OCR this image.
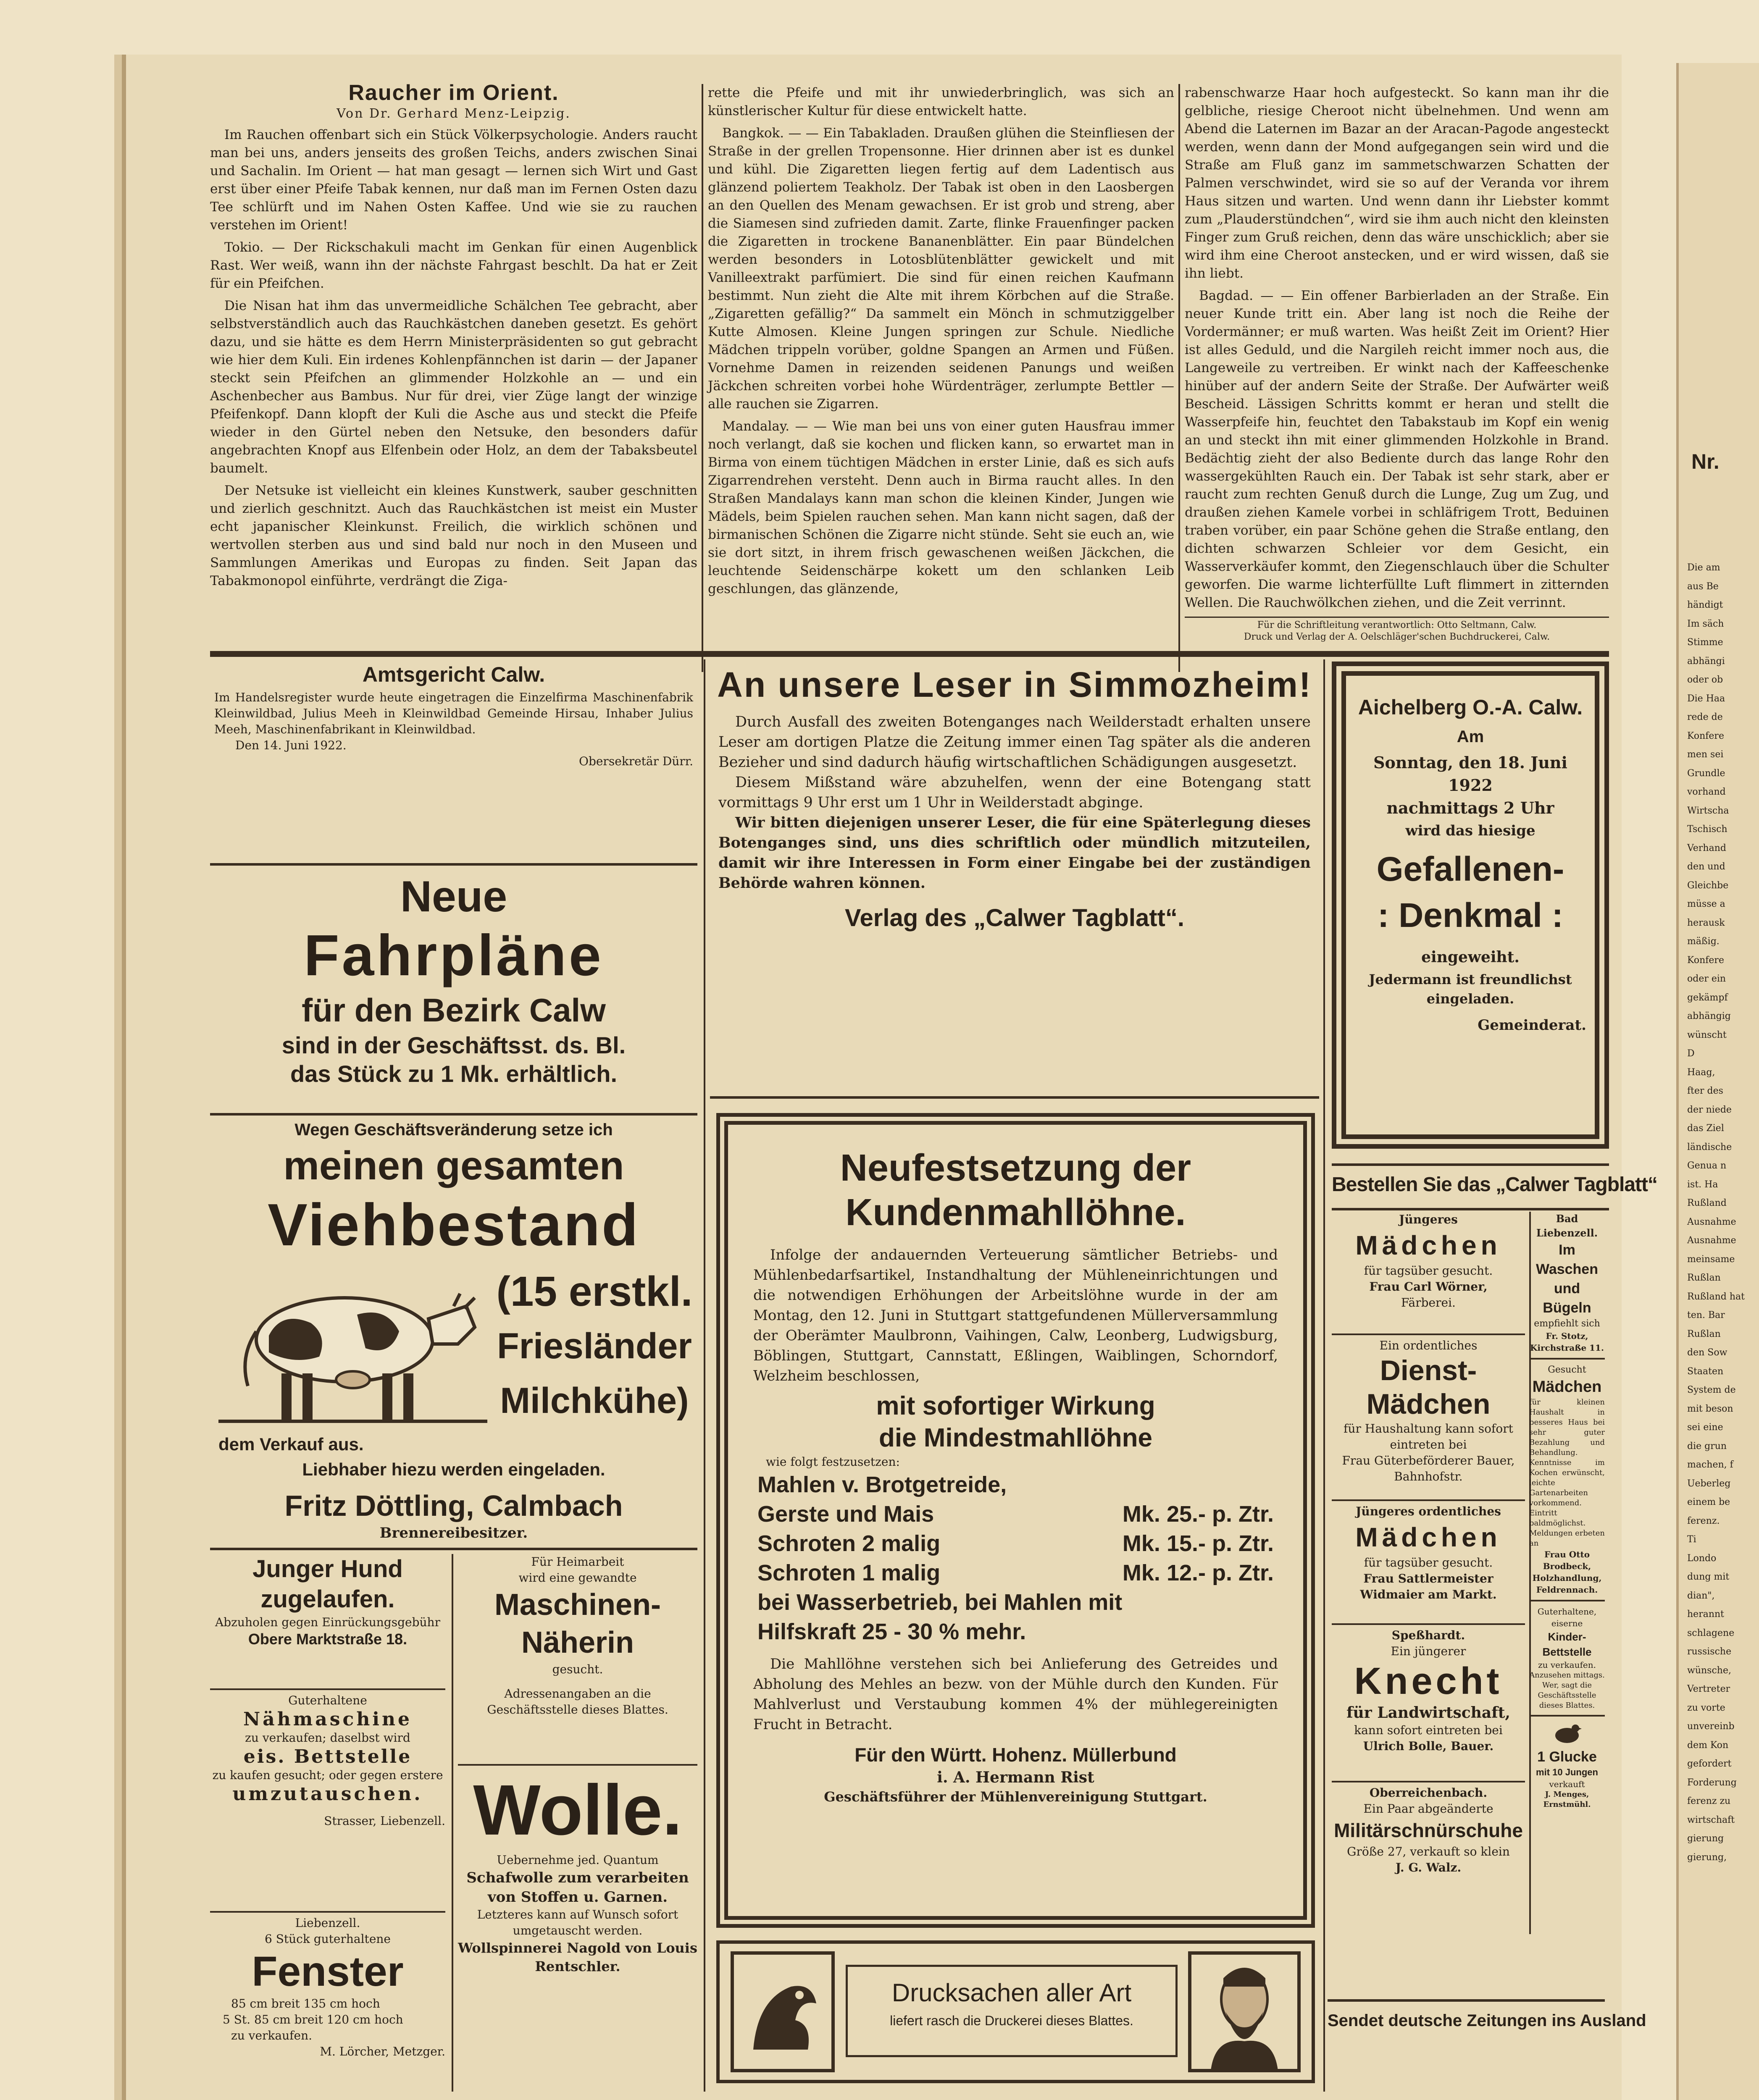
Raucher im Orient.
Von Dr. Gerhard Menz-Leipzig.

Im Rauchen offenbart sich ein Stück Völkerpsychologie. Anders raucht man bei uns, anders jenseits des großen Teichs, anders zwischen Sinai und Sachalin. Im Orient — hat man gesagt — lernen sich Wirt und Gast erst über einer Pfeife Tabak kennen, nur daß man im Fernen Osten dazu Tee schlürft und im Nahen Osten Kaffee. Und wie sie zu rauchen verstehen im Orient!

Tokio. — Der Rickschakuli macht im Genkan für einen Augenblick Rast. Wer weiß, wann ihn der nächste Fahrgast beschlt. Da hat er Zeit für ein Pfeifchen.

Die Nisan hat ihm das unvermeidliche Schälchen Tee gebracht, aber selbstverständlich auch das Rauchkästchen daneben gesetzt. Es gehört dazu, und sie hätte es dem Herrn Ministerpräsidenten so gut gebracht wie hier dem Kuli. Ein irdenes Kohlenpfännchen ist darin — der Japaner steckt sein Pfeifchen an glimmender Holzkohle an — und ein Aschenbecher aus Bambus. Nur für drei, vier Züge langt der winzige Pfeifenkopf. Dann klopft der Kuli die Asche aus und steckt die Pfeife wieder in den Gürtel neben den Netsuke, den besonders dafür angebrachten Knopf aus Elfenbein oder Holz, an dem der Tabaksbeutel baumelt.

Der Netsuke ist vielleicht ein kleines Kunstwerk, sauber geschnitten und zierlich geschnitzt. Auch das Rauchkästchen ist meist ein Muster echt japanischer Kleinkunst. Freilich, die wirklich schönen und wertvollen sterben aus und sind bald nur noch in den Museen und Sammlungen Amerikas und Europas zu finden. Seit Japan das Tabakmonopol einführte, verdrängt die Ziga-

rette die Pfeife und mit ihr unwiederbringlich, was sich an künstlerischer Kultur für diese entwickelt hatte.

Bangkok. — — Ein Tabakladen. Draußen glühen die Steinfliesen der Straße in der grellen Tropensonne. Hier drinnen aber ist es dunkel und kühl. Die Zigaretten liegen fertig auf dem Ladentisch aus glänzend poliertem Teakholz. Der Tabak ist oben in den Laosbergen an den Quellen des Menam gewachsen. Er ist grob und streng, aber die Siamesen sind zufrieden damit. Zarte, flinke Frauenfinger packen die Zigaretten in trockene Bananenblätter. Ein paar Bündelchen werden besonders in Lotosblütenblätter gewickelt und mit Vanilleextrakt parfümiert. Die sind für einen reichen Kaufmann bestimmt. Nun zieht die Alte mit ihrem Körbchen auf die Straße. „Zigaretten gefällig?“ Da sammelt ein Mönch in schmutziggelber Kutte Almosen. Kleine Jungen springen zur Schule. Niedliche Mädchen trippeln vorüber, goldne Spangen an Armen und Füßen. Vornehme Damen in reizenden seidenen Panungs und weißen Jäckchen schreiten vorbei hohe Würdenträger, zerlumpte Bettler — alle rauchen sie Zigarren.

Mandalay. — — Wie man bei uns von einer guten Hausfrau immer noch verlangt, daß sie kochen und flicken kann, so erwartet man in Birma von einem tüchtigen Mädchen in erster Linie, daß es sich aufs Zigarrendrehen versteht. Denn auch in Birma raucht alles. In den Straßen Mandalays kann man schon die kleinen Kinder, Jungen wie Mädels, beim Spielen rauchen sehen. Man kann nicht sagen, daß der birmanischen Schönen die Zigarre nicht stünde. Seht sie euch an, wie sie dort sitzt, in ihrem frisch gewaschenen weißen Jäckchen, die leuchtende Seidenschärpe kokett um den schlanken Leib geschlungen, das glänzende,

rabenschwarze Haar hoch aufgesteckt. So kann man ihr die gelbliche, riesige Cheroot nicht übelnehmen. Und wenn am Abend die Laternen im Bazar an der Aracan-Pagode angesteckt werden, wenn dann der Mond aufgegangen sein wird und die Straße am Fluß ganz im sammetschwarzen Schatten der Palmen verschwindet, wird sie so auf der Veranda vor ihrem Haus sitzen und warten. Und wenn dann ihr Liebster kommt zum „Plauderstündchen“, wird sie ihm auch nicht den kleinsten Finger zum Gruß reichen, denn das wäre unschicklich; aber sie wird ihm eine Cheroot anstecken, und er wird wissen, daß sie ihn liebt.

Bagdad. — — Ein offener Barbierladen an der Straße. Ein neuer Kunde tritt ein. Aber lang ist noch die Reihe der Vordermänner; er muß warten. Was heißt Zeit im Orient? Hier ist alles Geduld, und die Nargileh reicht immer noch aus, die Langeweile zu vertreiben. Er winkt nach der Kaffeeschenke hinüber auf der andern Seite der Straße. Der Aufwärter weiß Bescheid. Lässigen Schritts kommt er heran und stellt die Wasserpfeife hin, feuchtet den Tabakstaub im Kopf ein wenig an und steckt ihn mit einer glimmenden Holzkohle in Brand. Bedächtig zieht der also Bediente durch das lange Rohr den wassergekühlten Rauch ein. Der Tabak ist sehr stark, aber er raucht zum rechten Genuß durch die Lunge, Zug um Zug, und draußen ziehen Kamele vorbei in schläfrigem Trott, Beduinen traben vorüber, ein paar Schöne gehen die Straße entlang, den dichten schwarzen Schleier vor dem Gesicht, ein Wasserverkäufer kommt, den Ziegenschlauch über die Schulter geworfen. Die warme lichterfüllte Luft flimmert in zitternden Wellen. Die Rauchwölkchen ziehen, und die Zeit verrinnt.

Für die Schriftleitung verantwortlich: Otto Seltmann, Calw.
Druck und Verlag der A. Oelschläger'schen Buchdruckerei, Calw.
Amtsgericht Calw.
Im Handelsregister wurde heute eingetragen die Einzelfirma Maschinenfabrik Kleinwildbad, Julius Meeh in Kleinwildbad Gemeinde Hirsau, Inhaber Julius Meeh, Maschinenfabrikant in Kleinwildbad.
Den 14. Juni 1922.
Obersekretär Dürr.
Neue
Fahrpläne
für den Bezirk Calw
sind in der Geschäftsst. ds. Bl.
das Stück zu 1 Mk. erhältlich.
Wegen Geschäftsveränderung setze ich
meinen gesamten
Viehbestand
(15 erstkl.
Friesländer
Milchkühe)
dem Verkauf aus.
Liebhaber hiezu werden eingeladen.
Fritz Döttling, Calmbach
Brennereibesitzer.
Junger Hund
zugelaufen.
Abzuholen gegen Einrückungsgebühr
Obere Marktstraße 18.
Guterhaltene
Nähmaschine
zu verkaufen; daselbst wird
eis. Bettstelle
zu kaufen gesucht; oder gegen erstere
umzutauschen.
Strasser, Liebenzell.
Liebenzell.
6 Stück guterhaltene
Fenster
85 cm breit 135 cm hoch
5 St. 85 cm breit 120 cm hoch
zu verkaufen.
M. Lörcher, Metzger.
Für Heimarbeit
wird eine gewandte
Maschinen-
Näherin
gesucht.
Adressenangaben an die Geschäftsstelle dieses Blattes.
Wolle.
Uebernehme jed. Quantum
Schafwolle zum verarbeiten von Stoffen u. Garnen.
Letzteres kann auf Wunsch sofort umgetauscht werden.
Wollspinnerei Nagold von Louis Rentschler.
An unsere Leser in Simmozheim!

Durch Ausfall des zweiten Botenganges nach Weilderstadt erhalten unsere Leser am dortigen Platze die Zeitung immer einen Tag später als die anderen Bezieher und sind dadurch häufig wirtschaftlichen Schädigungen ausgesetzt.

Diesem Mißstand wäre abzuhelfen, wenn der eine Botengang statt vormittags 9 Uhr erst um 1 Uhr in Weilderstadt abginge.

Wir bitten diejenigen unserer Leser, die für eine Späterlegung dieses Botenganges sind, uns dies schriftlich oder mündlich mitzuteilen, damit wir ihre Interessen in Form einer Eingabe bei der zuständigen Behörde wahren können.

Verlag des „Calwer Tagblatt“.
Neufestsetzung der
Kundenmahllöhne.

Infolge der andauernden Verteuerung sämtlicher Betriebs- und Mühlenbedarfsartikel, Instandhaltung der Mühleneinrichtungen und die notwendigen Erhöhungen der Arbeitslöhne wurde in der am Montag, den 12. Juni in Stuttgart stattgefundenen Müllerversammlung der Oberämter Maulbronn, Vaihingen, Calw, Leonberg, Ludwigsburg, Böblingen, Stuttgart, Cannstatt, Eßlingen, Waiblingen, Schorndorf, Welzheim beschlossen,

mit sofortiger Wirkung
die Mindestmahllöhne
wie folgt festzusetzen:
Mahlen v. Brotgetreide,
Gerste und Mais	Mk. 25.- p. Ztr.
Schroten 2 malig	Mk. 15.- p. Ztr.
Schroten 1 malig	Mk. 12.- p. Ztr.
bei Wasserbetrieb, bei Mahlen mit
Hilfskraft 25 - 30 % mehr.

Die Mahllöhne verstehen sich bei Anlieferung des Getreides und Abholung des Mehles an bezw. von der Mühle durch den Kunden. Für Mahlverlust und Verstaubung kommen 4% der mühlegereinigten Frucht in Betracht.

Für den Württ. Hohenz. Müllerbund
i. A. Hermann Rist
Geschäftsführer der Mühlenvereinigung Stuttgart.
Drucksachen aller Art
liefert rasch die Druckerei dieses Blattes.
Aichelberg O.-A. Calw.
Am
Sonntag, den 18. Juni 1922
nachmittags 2 Uhr
wird das hiesige
Gefallenen-
: Denkmal :
eingeweiht.
Jedermann ist freundlichst eingeladen.
Gemeinderat.
Bestellen Sie das „Calwer Tagblatt“
Jüngeres
Mädchen
für tagsüber gesucht.
Frau Carl Wörner,
Färberei.
Ein ordentliches
Dienst-
Mädchen
für Haushaltung kann sofort eintreten bei
Frau Güterbeförderer Bauer, Bahnhofstr.
Jüngeres ordentliches
Mädchen
für tagsüber gesucht.
Frau Sattlermeister Widmaier am Markt.
Speßhardt.
Ein jüngerer
Knecht
für Landwirtschaft,
kann sofort eintreten bei
Ulrich Bolle, Bauer.
Oberreichenbach.
Ein Paar abgeänderte
Militärschnürschuhe
Größe 27, verkauft so klein
J. G. Walz.
Bad Liebenzell.
Im Waschen
und Bügeln
empfiehlt sich
Fr. Stotz, Kirchstraße 11.
Gesucht
Mädchen
für kleinen Haushalt in besseres Haus bei sehr guter Bezahlung und Behandlung. Kenntnisse im Kochen erwünscht, leichte Gartenarbeiten vorkommend. Eintritt baldmöglichst. Meldungen erbeten an
Frau Otto Brodbeck,
Holzhandlung,
Feldrennach.
Guterhaltene, eiserne
Kinder-Bettstelle
zu verkaufen.
Anzusehen mittags. Wer, sagt die Geschäftsstelle dieses Blattes.
1 Glucke
mit 10 Jungen
verkauft
J. Menges, Ernstmühl.
Sendet deutsche Zeitungen ins Ausland
Nr.
Die am
aus Be
händigt
Im säch
Stimme
abhängi
oder ob
Die Haa
rede de
Konfere
men sei
Grundle
vorhand
Wirtscha
Tschisch
Verhand
den und
Gleichbe
müsse a
herausk
mäßig.
Konfere
oder ein
gekämpf
abhängig
wünscht
D
Haag,
fter des
der niede
das Ziel
ländische
Genua n
ist. Ha
Rußland
Ausnahme
Ausnahme
meinsame
Rußlan
Rußland hat
ten. Bar
Rußlan
den Sow
Staaten
System de
mit beson
sei eine
die grun
machen, f
Ueberleg
einem be
ferenz.
Ti
Londo
dung mit
dian",
herannt
schlagene
russische
wünsche,
Vertreter
zu vorte
unvereinb
dem Kon
gefordert
Forderung
ferenz zu
wirtschaft
gierung
gierung,
